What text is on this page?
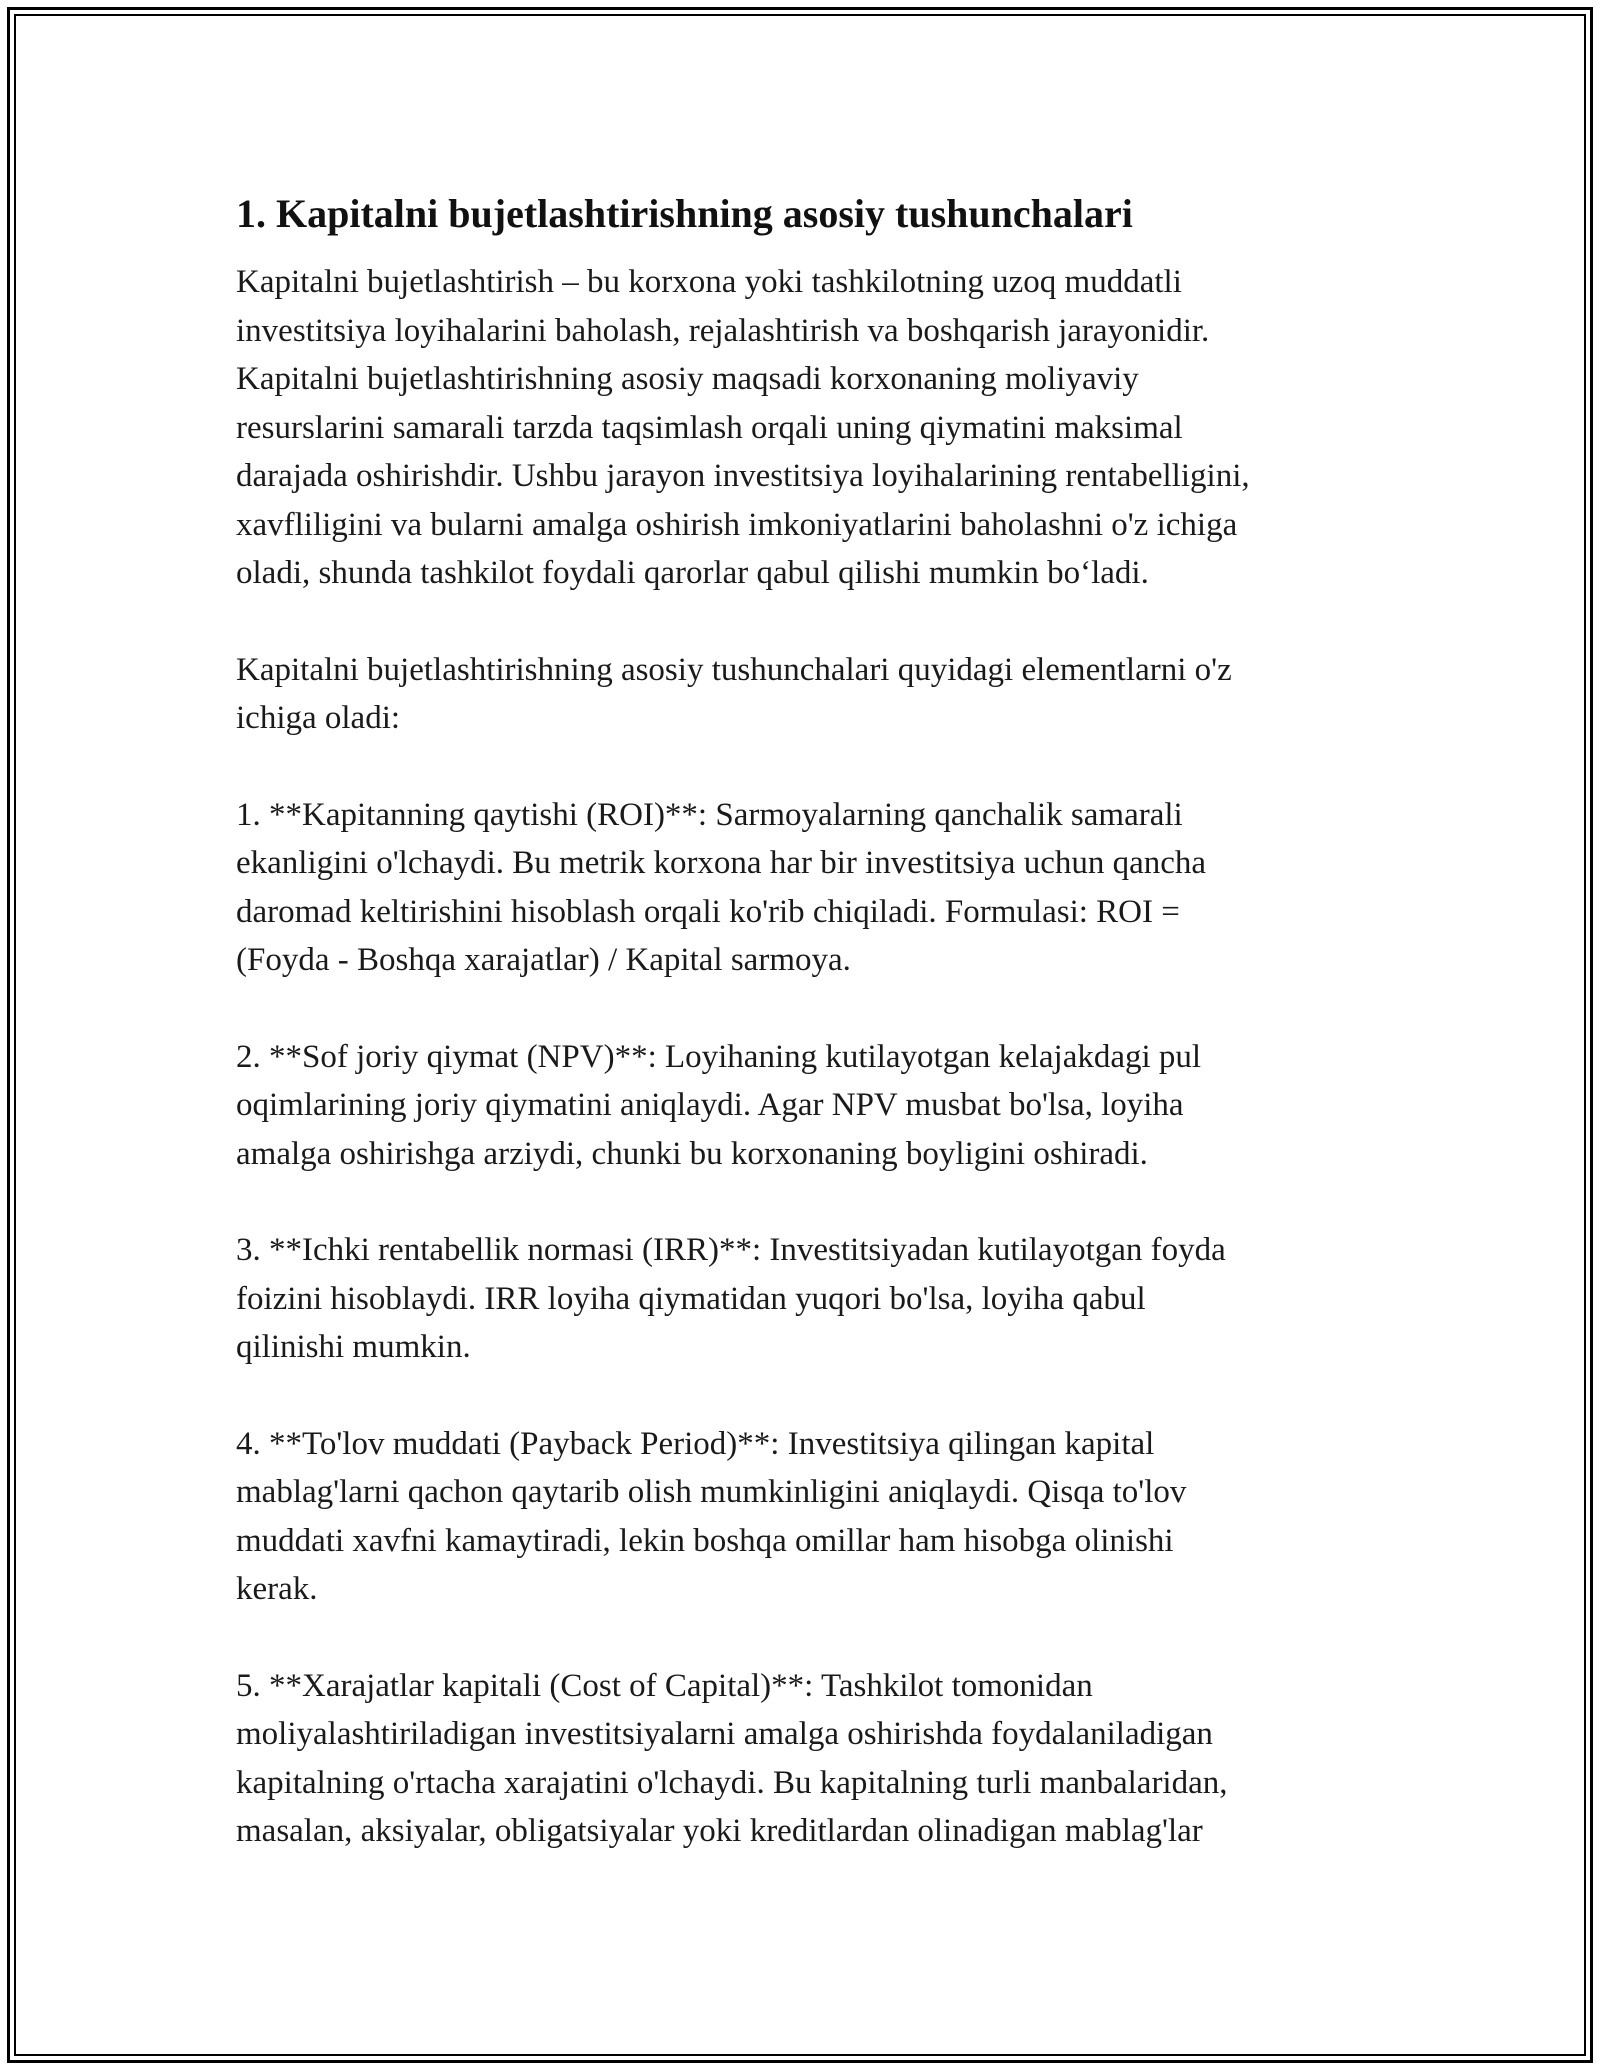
1. Kapitalni bujetlashtirishning asosiy tushunchalari

Kapitalni bujetlashtirish – bu korxona yoki tashkilotning uzoq muddatli
investitsiya loyihalarini baholash, rejalashtirish va boshqarish jarayonidir.
Kapitalni bujetlashtirishning asosiy maqsadi korxonaning moliyaviy
resurslarini samarali tarzda taqsimlash orqali uning qiymatini maksimal
darajada oshirishdir. Ushbu jarayon investitsiya loyihalarining rentabelligini,
xavfliligini va bularni amalga oshirish imkoniyatlarini baholashni o'z ichiga
oladi, shunda tashkilot foydali qarorlar qabul qilishi mumkin bo‘ladi.

Kapitalni bujetlashtirishning asosiy tushunchalari quyidagi elementlarni o'z
ichiga oladi:

1. **Kapitanning qaytishi (ROI)**: Sarmoyalarning qanchalik samarali
ekanligini o'lchaydi. Bu metrik korxona har bir investitsiya uchun qancha
daromad keltirishini hisoblash orqali ko'rib chiqiladi. Formulasi: ROI =
(Foyda - Boshqa xarajatlar) / Kapital sarmoya.

2. **Sof joriy qiymat (NPV)**: Loyihaning kutilayotgan kelajakdagi pul
oqimlarining joriy qiymatini aniqlaydi. Agar NPV musbat bo'lsa, loyiha
amalga oshirishga arziydi, chunki bu korxonaning boyligini oshiradi.

3. **Ichki rentabellik normasi (IRR)**: Investitsiyadan kutilayotgan foyda
foizini hisoblaydi. IRR loyiha qiymatidan yuqori bo'lsa, loyiha qabul
qilinishi mumkin.

4. **To'lov muddati (Payback Period)**: Investitsiya qilingan kapital
mablag'larni qachon qaytarib olish mumkinligini aniqlaydi. Qisqa to'lov
muddati xavfni kamaytiradi, lekin boshqa omillar ham hisobga olinishi
kerak.

5. **Xarajatlar kapitali (Cost of Capital)**: Tashkilot tomonidan
moliyalashtiriladigan investitsiyalarni amalga oshirishda foydalaniladigan
kapitalning o'rtacha xarajatini o'lchaydi. Bu kapitalning turli manbalaridan,
masalan, aksiyalar, obligatsiyalar yoki kreditlardan olinadigan mablag'lar
